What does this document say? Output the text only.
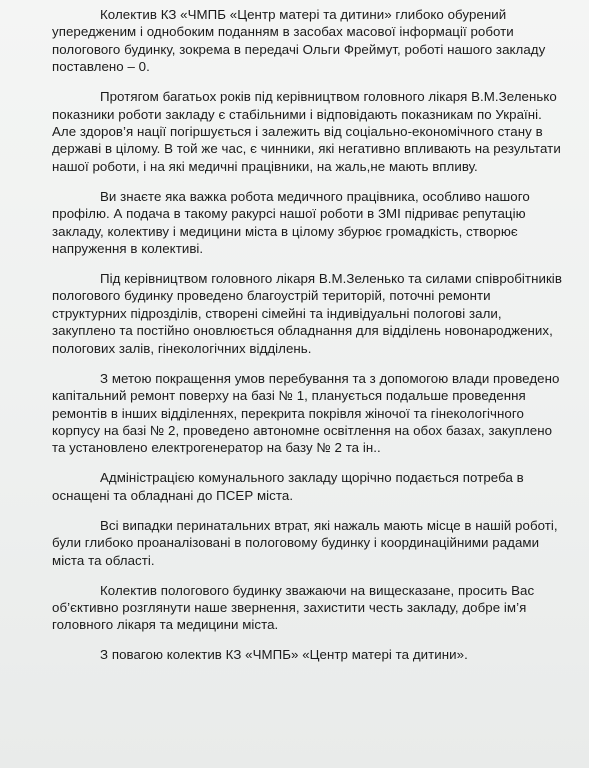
Колектив КЗ «ЧМПБ «Центр матері та дитини» глибоко обурений упередженим і однобоким поданням в засобах масової інформації роботи пологового будинку, зокрема в передачі Ольги Фреймут, роботі нашого закладу поставлено – 0.

Протягом багатьох років під керівництвом головного лікаря В.М.Зеленько показники роботи закладу є стабільними і відповідають показникам по Україні. Але здоров’я нації погіршується і залежить від соціально-економічного стану в державі в цілому. В той же час, є чинники, які негативно впливають на результати нашої роботи, і на які медичні працівники, на жаль,не мають впливу.

Ви знаєте яка важка робота медичного працівника, особливо нашого профілю. А подача в такому ракурсі нашої роботи в ЗМІ підриває репутацію закладу, колективу і медицини міста в цілому збурює громадкість, створює напруження в колективі.

Під керівництвом головного лікаря В.М.Зеленько та силами співробітників пологового будинку проведено благоустрій територій, поточні ремонти структурних підрозділів, створені сімейні та індивідуальні пологові зали, закуплено та постійно оновлюється обладнання для відділень новонароджених, пологових залів, гінекологічних відділень.

З метою покращення умов перебування та з допомогою влади проведено капітальний ремонт поверху на базі № 1, планується подальше проведення ремонтів в інших відділеннях, перекрита покрівля жіночої та гінекологічного корпусу на базі № 2, проведено автономне освітлення на обох базах, закуплено та установлено електрогенератор на базу № 2 та ін..

Адміністрацією комунального закладу щорічно подається потреба в оснащені та обладнані до ПСЕР міста.

Всі випадки перинатальних втрат, які нажаль мають місце в нашій роботі, були глибоко проаналізовані в пологовому будинку і координаційними радами міста та області.

Колектив пологового будинку зважаючи на вищесказане, просить Вас об’єктивно розглянути наше звернення, захистити честь закладу, добре ім’я головного лікаря та медицини міста.

З повагою колектив КЗ «ЧМПБ» «Центр матері та дитини».
